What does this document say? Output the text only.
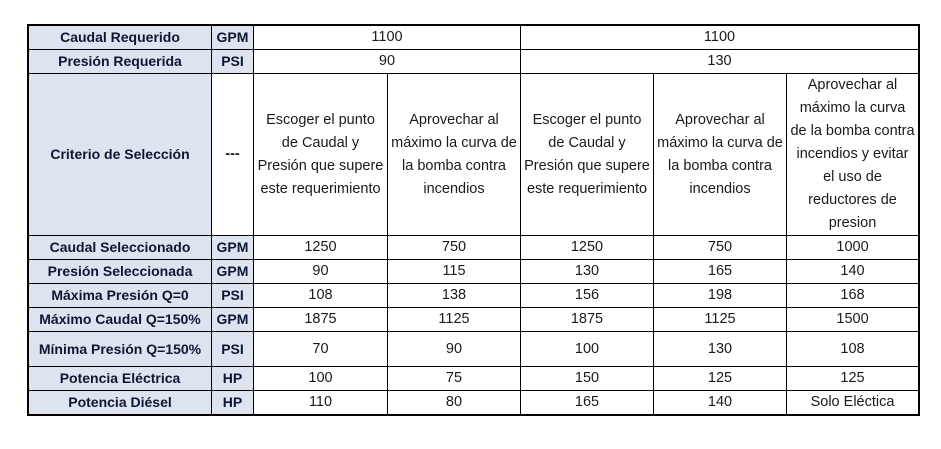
Caudal Requerido	GPM	1100		1100		
Presión Requerida	PSI	90		130		
Criterio de Selección	---	Escoger el punto de Caudal y Presión que supere este requerimiento	Aprovechar al máximo la curva de la bomba contra incendios	Escoger el punto de Caudal y Presión que supere este requerimiento	Aprovechar al máximo la curva de la bomba contra incendios	Aprovechar al máximo la curva de la bomba contra incendios y evitar el uso de reductores de presion
Caudal Seleccionado	GPM	1250	750	1250	750	1000
Presión Seleccionada	GPM	90	115	130	165	140
Máxima Presión Q=0	PSI	108	138	156	198	168
Máximo Caudal Q=150%	GPM	1875	1125	1875	1125	1500
Mínima Presión Q=150%	PSI	70	90	100	130	108
Potencia Eléctrica	HP	100	75	150	125	125
Potencia Diésel	HP	110	80	165	140	Solo Eléctica
